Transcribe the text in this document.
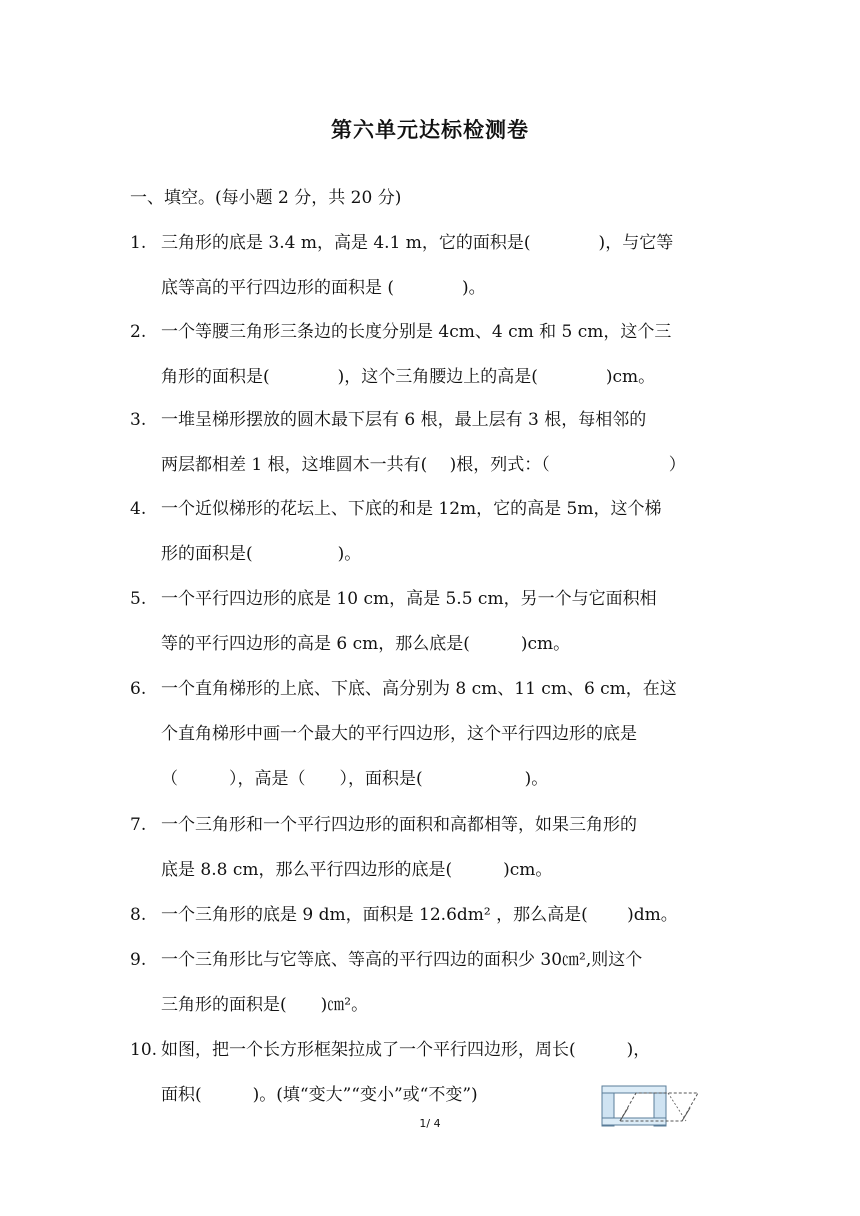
第六单元达标检测卷
一、填空。(每小题 2 分，共 20 分)
1. 三角形的底是 3.4 m，高是 4.1 m，它的面积是(　　　　)，与它等
底等高的平行四边形的面积是 (　　　　)。
2. 一个等腰三角形三条边的长度分别是 4cm、4 cm 和 5 cm，这个三
角形的面积是(　　　　)，这个三角腰边上的高是(　　　　)cm。
3. 一堆呈梯形摆放的圆木最下层有 6 根，最上层有 3 根，每相邻的
两层都相差 1 根，这堆圆木一共有(　 )根，列式：（　　　　　　　）
4. 一个近似梯形的花坛上、下底的和是 12m，它的高是 5m，这个梯
形的面积是(　　　　　)。
5. 一个平行四边形的底是 10 cm，高是 5.5 cm，另一个与它面积相
等的平行四边形的高是 6 cm，那么底是(　　　)cm。
6. 一个直角梯形的上底、下底、高分别为 8 cm、11 cm、6 cm，在这
个直角梯形中画一个最大的平行四边形，这个平行四边形的底是
（　　　），高是（　　），面积是(　　　　　　)。
7. 一个三角形和一个平行四边形的面积和高都相等，如果三角形的
底是 8.8 cm，那么平行四边形的底是(　　　)cm。
8. 一个三角形的底是 9 dm，面积是 12.6dm² ，那么高是(　　 )dm。
9. 一个三角形比与它等底、等高的平行四边的面积少 30㎝²,则这个
三角形的面积是(　　)㎝²。
10. 如图，把一个长方形框架拉成了一个平行四边形，周长(　　　)，
面积(　　　)。(填“变大”“变小”或“不变”)
1/ 4
